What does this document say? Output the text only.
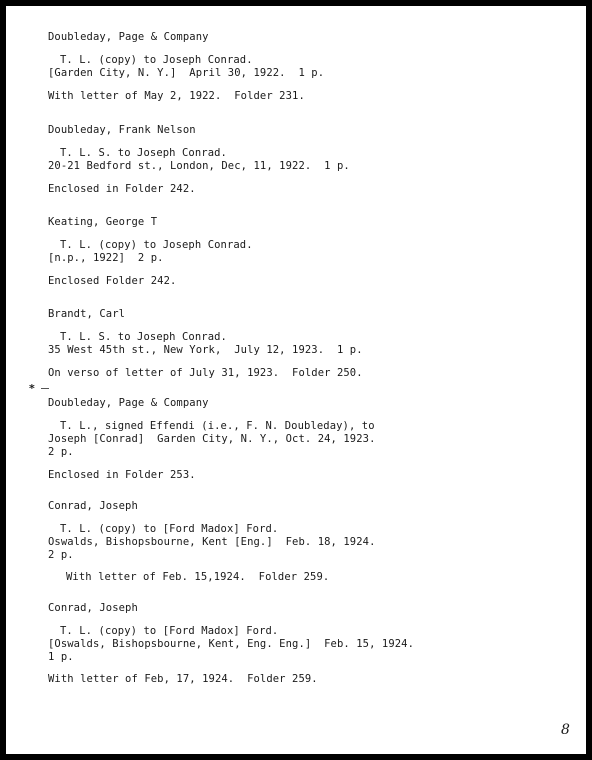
Doubleday, Page & Company
T. L. (copy) to Joseph Conrad.
[Garden City, N. Y.]  April 30, 1922.  1 p.
With letter of May 2, 1922.  Folder 231.
Doubleday, Frank Nelson
T. L. S. to Joseph Conrad.
20-21 Bedford st., London, Dec, 11, 1922.  1 p.
Enclosed in Folder 242.
Keating, George T
T. L. (copy) to Joseph Conrad.
[n.p., 1922]  2 p.
Enclosed Folder 242.
Brandt, Carl
T. L. S. to Joseph Conrad.
35 West 45th st., New York,  July 12, 1923.  1 p.
On verso of letter of July 31, 1923.  Folder 250.
*
Doubleday, Page & Company
T. L., signed Effendi (i.e., F. N. Doubleday), to
Joseph [Conrad]  Garden City, N. Y., Oct. 24, 1923.
2 p.
Enclosed in Folder 253.
Conrad, Joseph
T. L. (copy) to [Ford Madox] Ford.
Oswalds, Bishopsbourne, Kent [Eng.]  Feb. 18, 1924.
2 p.
With letter of Feb. 15,1924.  Folder 259.
Conrad, Joseph
T. L. (copy) to [Ford Madox] Ford.
[Oswalds, Bishopsbourne, Kent, Eng. Eng.]  Feb. 15, 1924.
1 p.
With letter of Feb, 17, 1924.  Folder 259.
8
